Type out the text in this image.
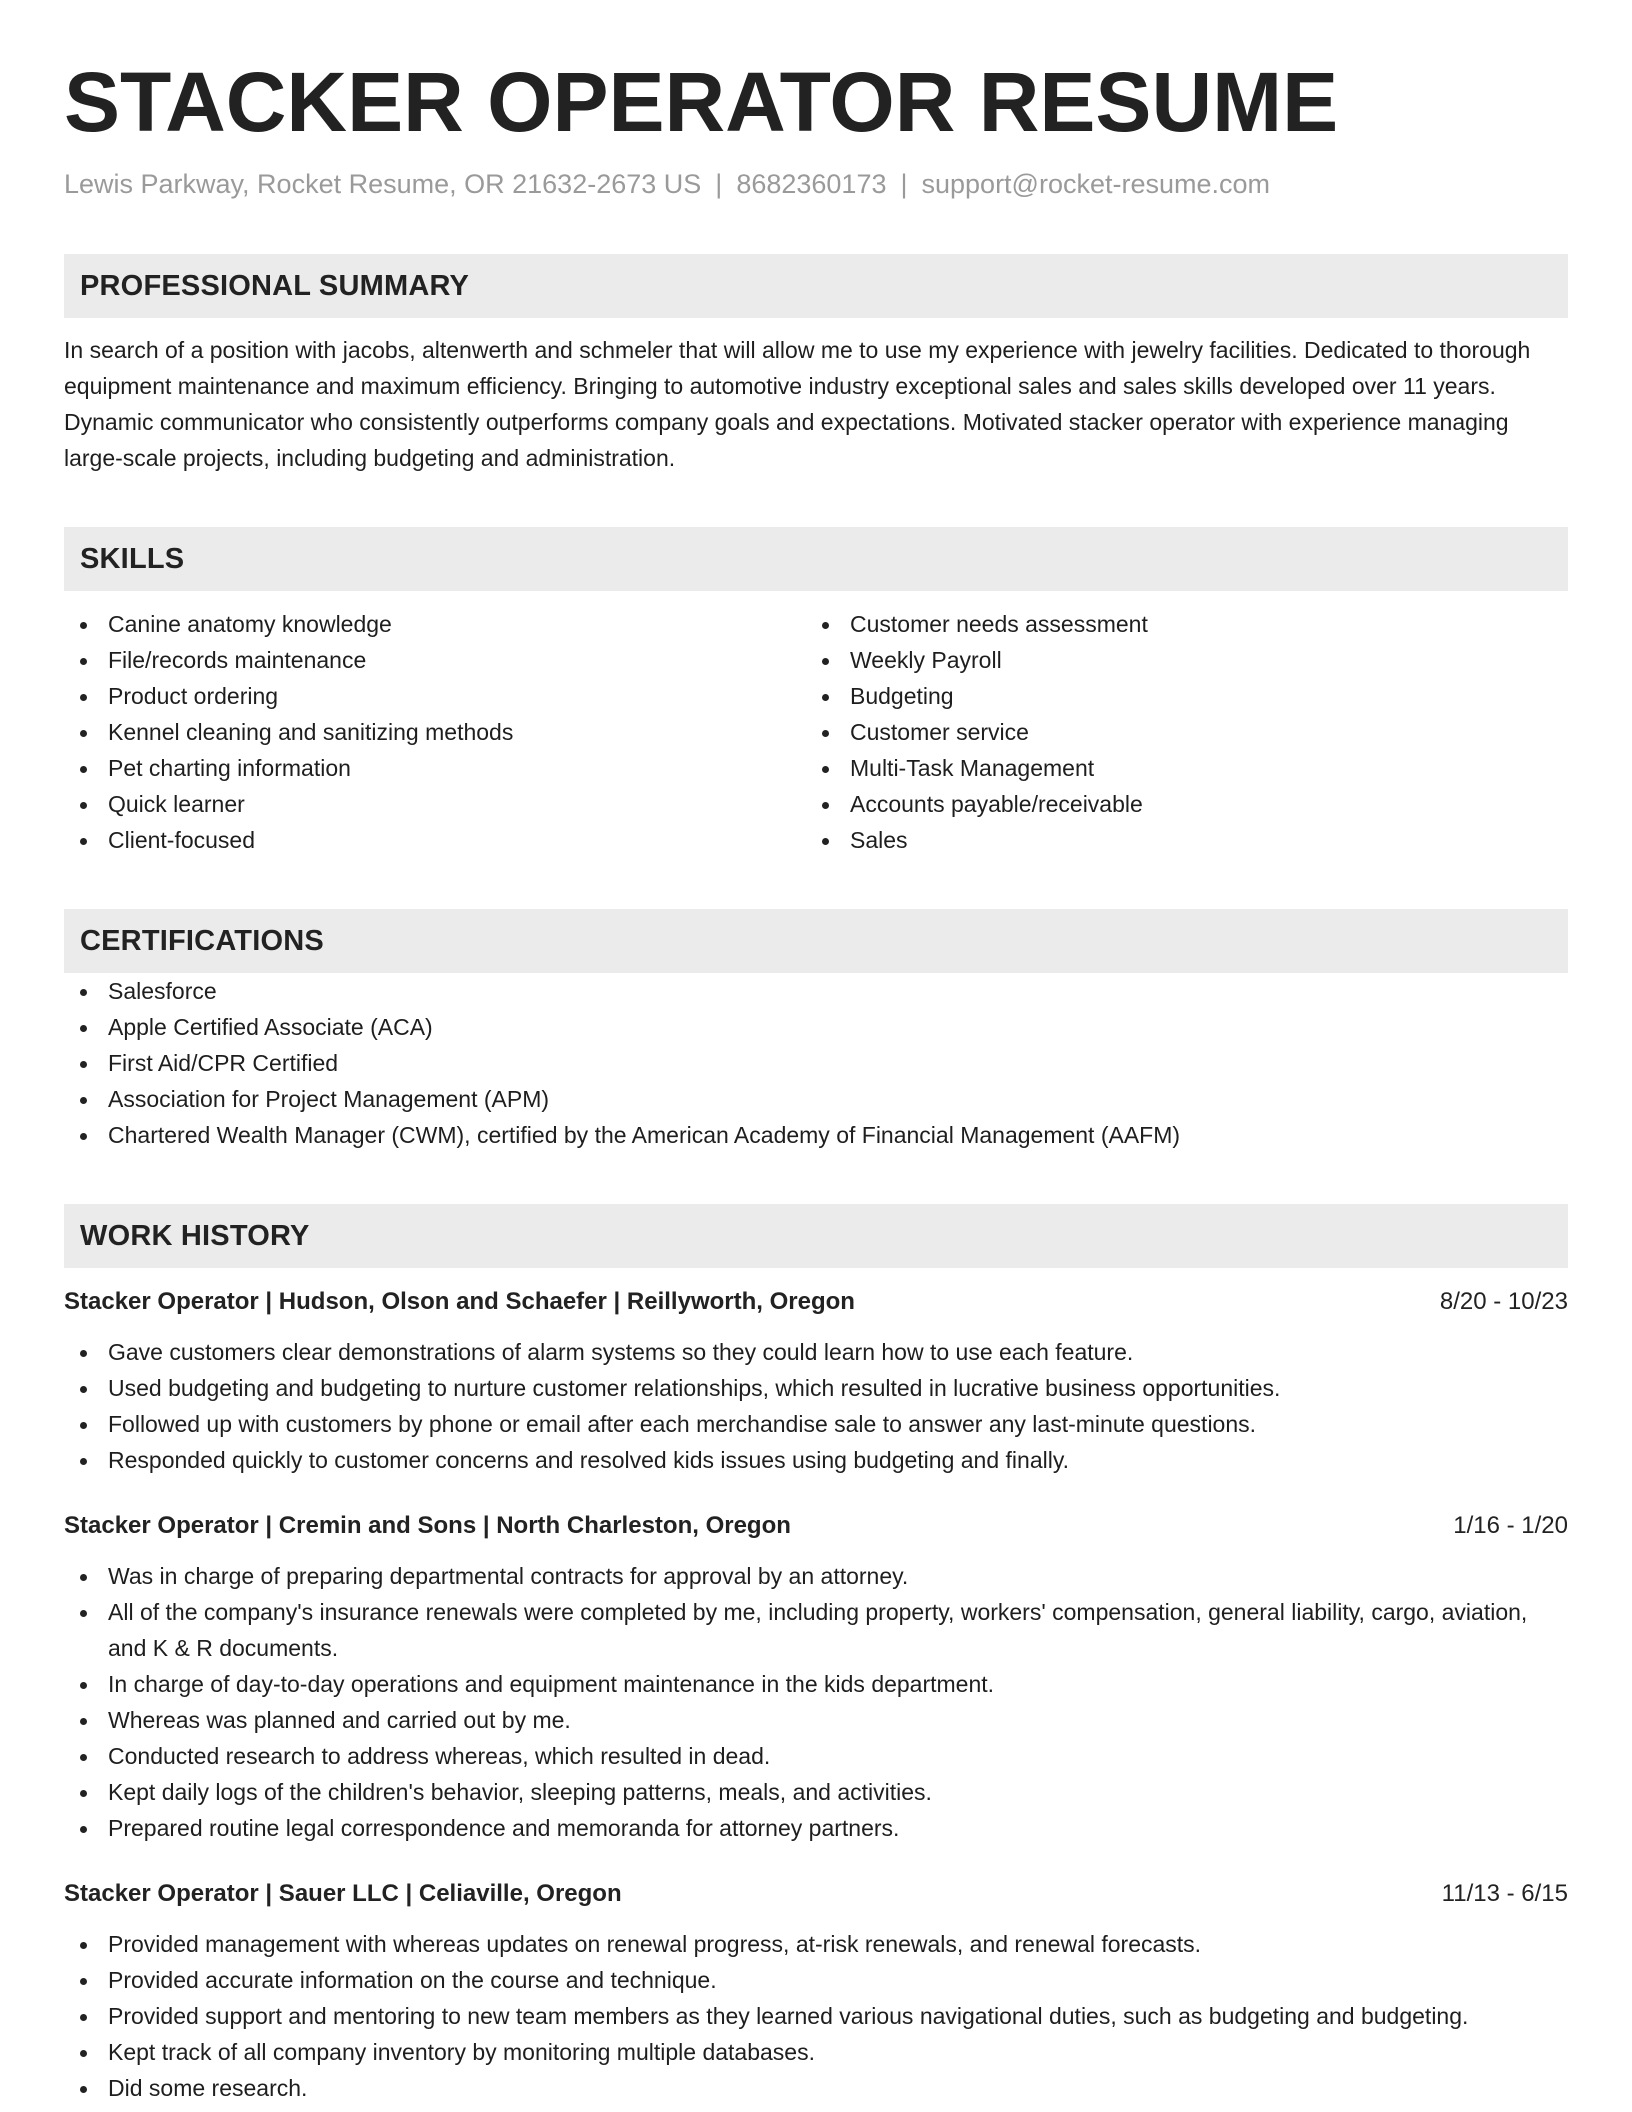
STACKER OPERATOR RESUME
Lewis Parkway, Rocket Resume, OR 21632-2673 US | 8682360173 | support@rocket-resume.com
PROFESSIONAL SUMMARY
In search of a position with jacobs, altenwerth and schmeler that will allow me to use my experience with jewelry facilities. Dedicated to thorough equipment maintenance and maximum efficiency. Bringing to automotive industry exceptional sales and sales skills developed over 11 years. Dynamic communicator who consistently outperforms company goals and expectations. Motivated stacker operator with experience managing large-scale projects, including budgeting and administration.
SKILLS
Canine anatomy knowledge
File/records maintenance
Product ordering
Kennel cleaning and sanitizing methods
Pet charting information
Quick learner
Client-focused
Customer needs assessment
Weekly Payroll
Budgeting
Customer service
Multi-Task Management
Accounts payable/receivable
Sales
CERTIFICATIONS
Salesforce
Apple Certified Associate (ACA)
First Aid/CPR Certified
Association for Project Management (APM)
Chartered Wealth Manager (CWM), certified by the American Academy of Financial Management (AAFM)
WORK HISTORY
Stacker Operator | Hudson, Olson and Schaefer | Reillyworth, Oregon	8/20 - 10/23
Gave customers clear demonstrations of alarm systems so they could learn how to use each feature.
Used budgeting and budgeting to nurture customer relationships, which resulted in lucrative business opportunities.
Followed up with customers by phone or email after each merchandise sale to answer any last-minute questions.
Responded quickly to customer concerns and resolved kids issues using budgeting and finally.
Stacker Operator | Cremin and Sons | North Charleston, Oregon	1/16 - 1/20
Was in charge of preparing departmental contracts for approval by an attorney.
All of the company's insurance renewals were completed by me, including property, workers' compensation, general liability, cargo, aviation, and K & R documents.
In charge of day-to-day operations and equipment maintenance in the kids department.
Whereas was planned and carried out by me.
Conducted research to address whereas, which resulted in dead.
Kept daily logs of the children's behavior, sleeping patterns, meals, and activities.
Prepared routine legal correspondence and memoranda for attorney partners.
Stacker Operator | Sauer LLC | Celiaville, Oregon	11/13 - 6/15
Provided management with whereas updates on renewal progress, at-risk renewals, and renewal forecasts.
Provided accurate information on the course and technique.
Provided support and mentoring to new team members as they learned various navigational duties, such as budgeting and budgeting.
Kept track of all company inventory by monitoring multiple databases.
Did some research.
